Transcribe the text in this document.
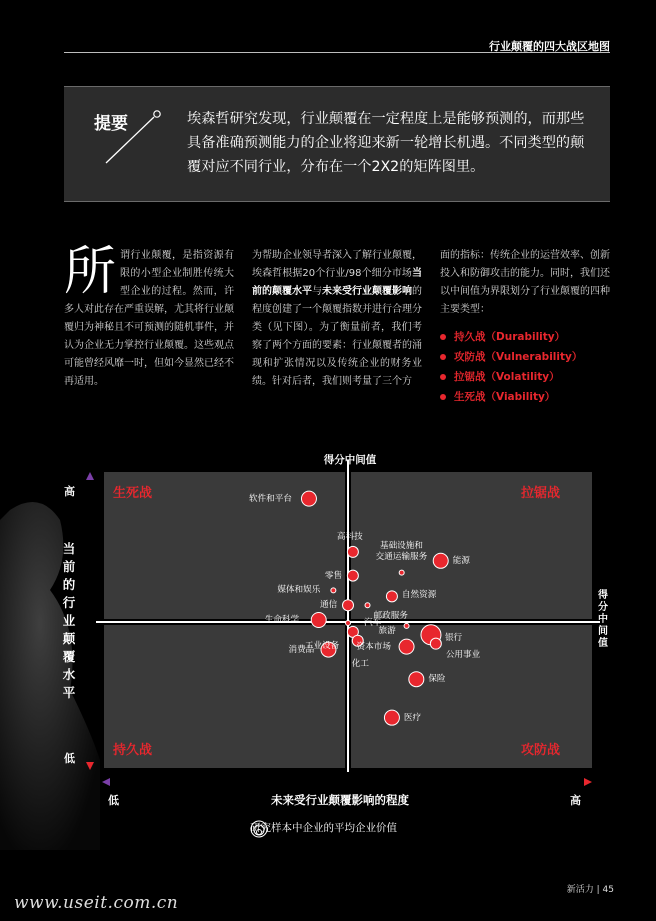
行业颠覆的四大战区地图
提要	埃森哲研究发现，行业颠覆在一定程度上是能够预测的，而那些具备准确预测能力的企业将迎来新一轮增长机遇。不同类型的颠覆对应不同行业，分布在一个2X2的矩阵图里。
所 谓行业颠覆，是指资源有限的小型企业制胜传统大型企业的过程。然而，许多人对此存在严重误解，尤其将行业颠覆归为神秘且不可预测的随机事件，并认为企业无力掌控行业颠覆。这些观点可能曾经风靡一时，但如今显然已经不再适用。
为帮助企业领导者深入了解行业颠覆，埃森哲根据20个行业/98个细分市场当前的颠覆水平与未来受行业颠覆影响的程度创建了一个颠覆指数并进行合理分类（见下图）。为了衡量前者，我们考察了两个方面的要素：行业颠覆者的涌现和扩张情况以及传统企业的财务业绩。针对后者，我们则考量了三个方
面的指标：传统企业的运营效率、创新投入和防御攻击的能力。同时，我们还以中间值为界限划分了行业颠覆的四种主要类型：
持久战（Durability）
攻防战（Vulnerability）
拉锯战（Volatility）
生死战（Viability）
得分中间值
得分中间值
当前的行业颠覆水平
高
低
低	高
未来受行业颠覆影响的程度
生死战	拉锯战
持久战	攻防战
软件和平台
高科技
零售
媒体和娱乐
通信
生命科学	汽车
工业设备
化工
消费品
基础设施和
交通运输服务	能源
自然资源
邮政服务
旅游
银行
公用事业
资本市场
保险
医疗
研究样本中企业的平均企业价值
新活力 | 45
www.useit.com.cn
